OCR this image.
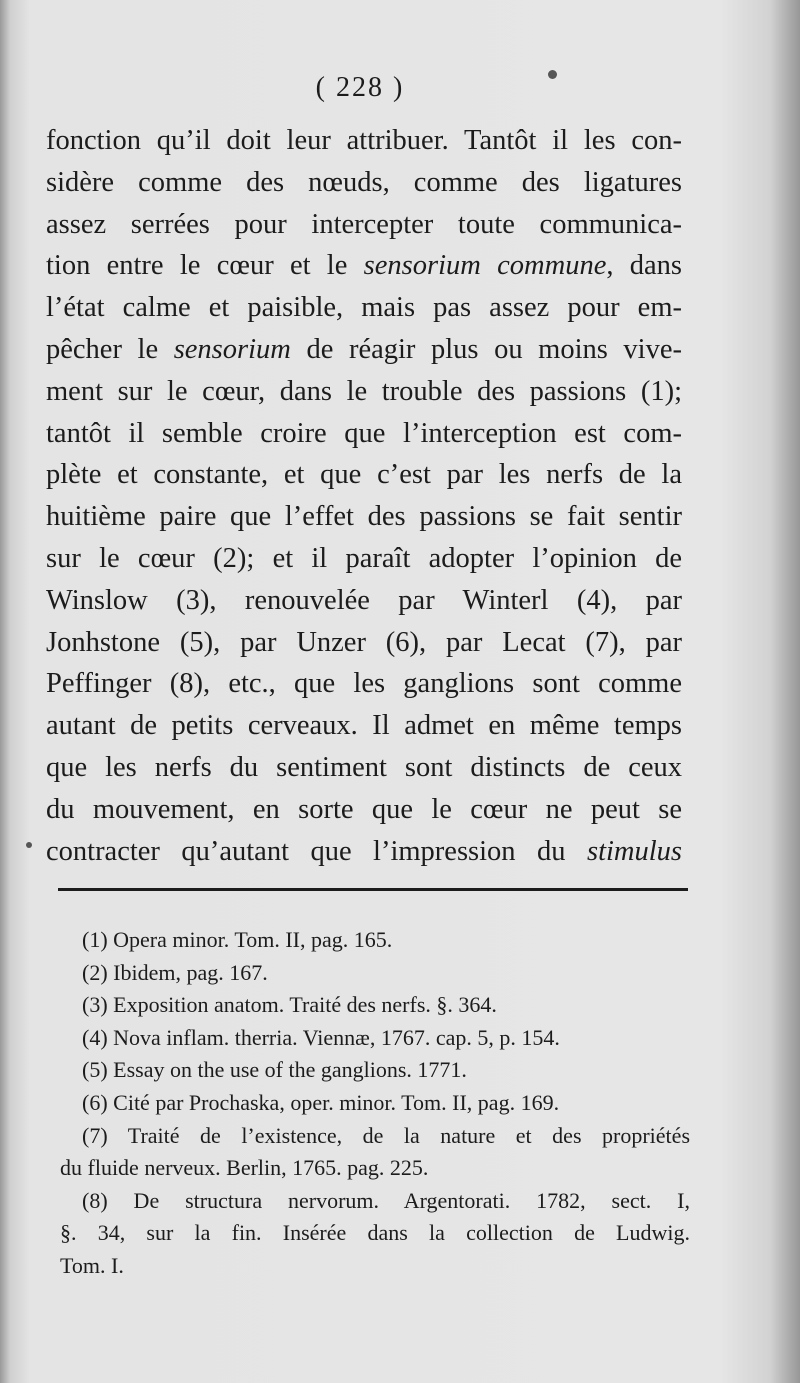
( 228 )
fonction qu’il doit leur attribuer. Tantôt il les con-
sidère comme des nœuds, comme des ligatures
assez serrées pour intercepter toute communica-
tion entre le cœur et le sensorium commune, dans
l’état calme et paisible, mais pas assez pour em-
pêcher le sensorium de réagir plus ou moins vive-
ment sur le cœur, dans le trouble des passions (1);
tantôt il semble croire que l’interception est com-
plète et constante, et que c’est par les nerfs de la
huitième paire que l’effet des passions se fait sentir
sur le cœur (2); et il paraît adopter l’opinion de
Winslow (3), renouvelée par Winterl (4), par
Jonhstone (5), par Unzer (6), par Lecat (7), par
Peffinger (8), etc., que les ganglions sont comme
autant de petits cerveaux. Il admet en même temps
que les nerfs du sentiment sont distincts de ceux
du mouvement, en sorte que le cœur ne peut se
contracter qu’autant que l’impression du stimulus
(1) Opera minor. Tom. II, pag. 165.
(2) Ibidem, pag. 167.
(3) Exposition anatom. Traité des nerfs. §. 364.
(4) Nova inflam. therria. Viennæ, 1767. cap. 5, p. 154.
(5) Essay on the use of the ganglions. 1771.
(6) Cité par Prochaska, oper. minor. Tom. II, pag. 169.
(7) Traité de l’existence, de la nature et des propriétés
du fluide nerveux. Berlin, 1765. pag. 225.
(8) De structura nervorum. Argentorati. 1782, sect. I,
§. 34, sur la fin. Insérée dans la collection de Ludwig.
Tom. I.
